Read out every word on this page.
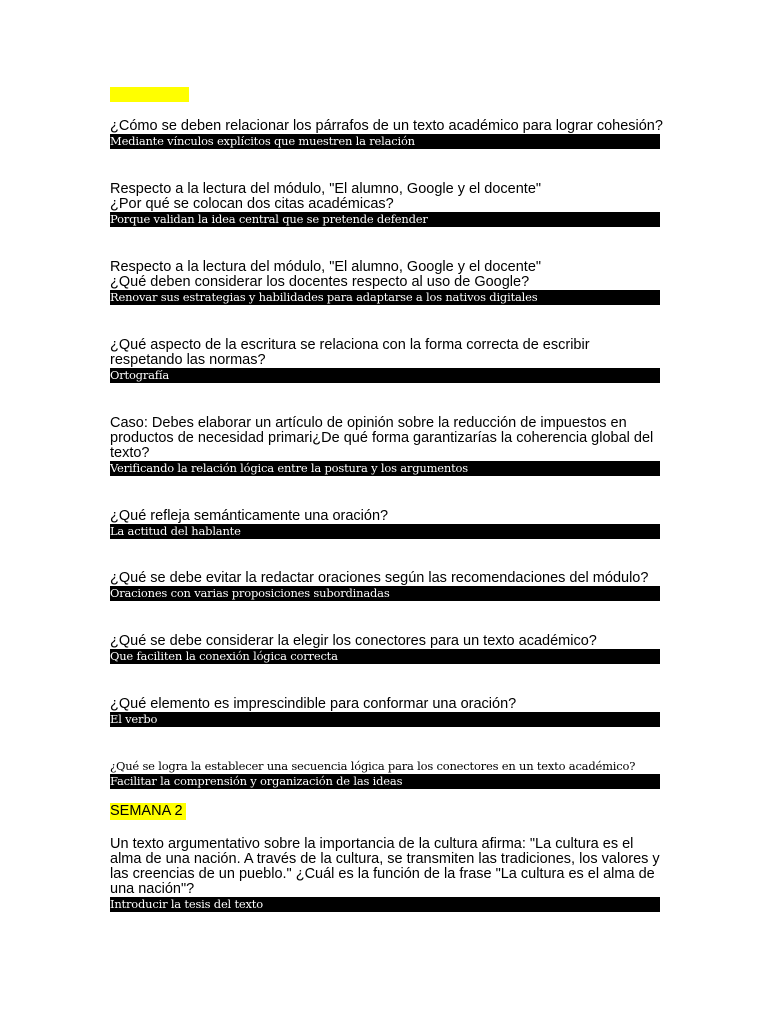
¿Cómo se deben relacionar los párrafos de un texto académico para lograr cohesión?
Mediante vínculos explícitos que muestren la relación
Respecto a la lectura del módulo, "El alumno, Google y el docente"
¿Por qué se colocan dos citas académicas?
Porque validan la idea central que se pretende defender
Respecto a la lectura del módulo, "El alumno, Google y el docente"
¿Qué deben considerar los docentes respecto al uso de Google?
Renovar sus estrategias y habilidades para adaptarse a los nativos digitales
¿Qué aspecto de la escritura se relaciona con la forma correcta de escribir respetando las normas?
Ortografía
Caso: Debes elaborar un artículo de opinión sobre la reducción de impuestos en productos de necesidad primari¿De qué forma garantizarías la coherencia global del texto?
Verificando la relación lógica entre la postura y los argumentos
¿Qué refleja semánticamente una oración?
La actitud del hablante
¿Qué se debe evitar la redactar oraciones según las recomendaciones del módulo?
Oraciones con varias proposiciones subordinadas
¿Qué se debe considerar la elegir los conectores para un texto académico?
Que faciliten la conexión lógica correcta
¿Qué elemento es imprescindible para conformar una oración?
El verbo
¿Qué se logra la establecer una secuencia lógica para los conectores en un texto académico?
Facilitar la comprensión y organización de las ideas
SEMANA 2
Un texto argumentativo sobre la importancia de la cultura afirma: "La cultura es el alma de una nación. A través de la cultura, se transmiten las tradiciones, los valores y las creencias de un pueblo." ¿Cuál es la función de la frase "La cultura es el alma de una nación"?
Introducir la tesis del texto
